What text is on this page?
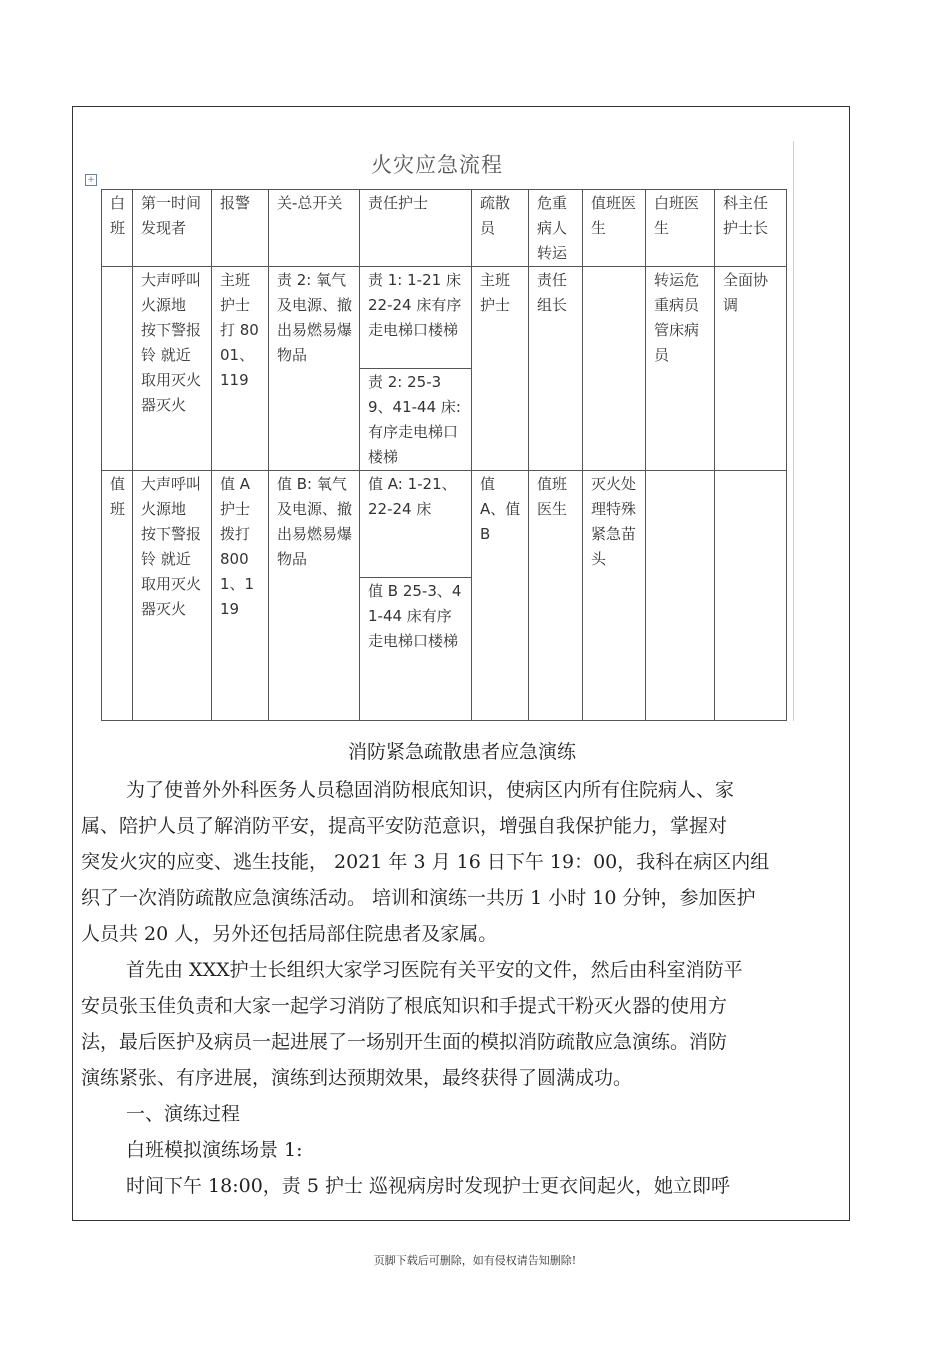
火灾应急流程
+
白班	第一时间发现者	报警	关-总开关	责任护士	疏散员	危重病人转运	值班医生	白班医生	科主任护士长
	大声呼叫火源地 按下警报铃 就近取用灭火器灭火	主班护士打 8001、119	责 2: 氧气及电源、撤出易燃易爆物品	责 1: 1-21 床 22-24 床有序走电梯口楼梯
责 2: 25-39、41-44 床:有序走电梯口楼梯	主班护士	责任组长		转运危重病员 管床病员	全面协调
值班	大声呼叫火源地 按下警报铃 就近取用灭火器灭火	值 A 护士拨打 8001、119	值 B: 氧气及电源、撤出易燃易爆物品	值 A: 1-21、22-24 床
值 B 25-3、41-44 床有序走电梯口楼梯	值 A、值 B	值班医生	灭火处理特殊紧急苗头		

消防紧急疏散患者应急演练

为了使普外外科医务人员稳固消防根底知识，使病区内所有住院病人、家

属、陪护人员了解消防平安，提高平安防范意识，增强自我保护能力，掌握对

突发火灾的应变、逃生技能， 2021 年 3 月 16 日下午 19：00，我科在病区内组

织了一次消防疏散应急演练活动。 培训和演练一共历 1 小时 10 分钟，参加医护

人员共 20 人，另外还包括局部住院患者及家属。

首先由 XXX护士长组织大家学习医院有关平安的文件，然后由科室消防平

安员张玉佳负责和大家一起学习消防了根底知识和手提式干粉灭火器的使用方

法，最后医护及病员一起进展了一场别开生面的模拟消防疏散应急演练。消防

演练紧张、有序进展，演练到达预期效果，最终获得了圆满成功。

一、演练过程

白班模拟演练场景 1:

时间下午 18:00，责 5 护士 巡视病房时发现护士更衣间起火，她立即呼

页脚下载后可删除，如有侵权请告知删除!
